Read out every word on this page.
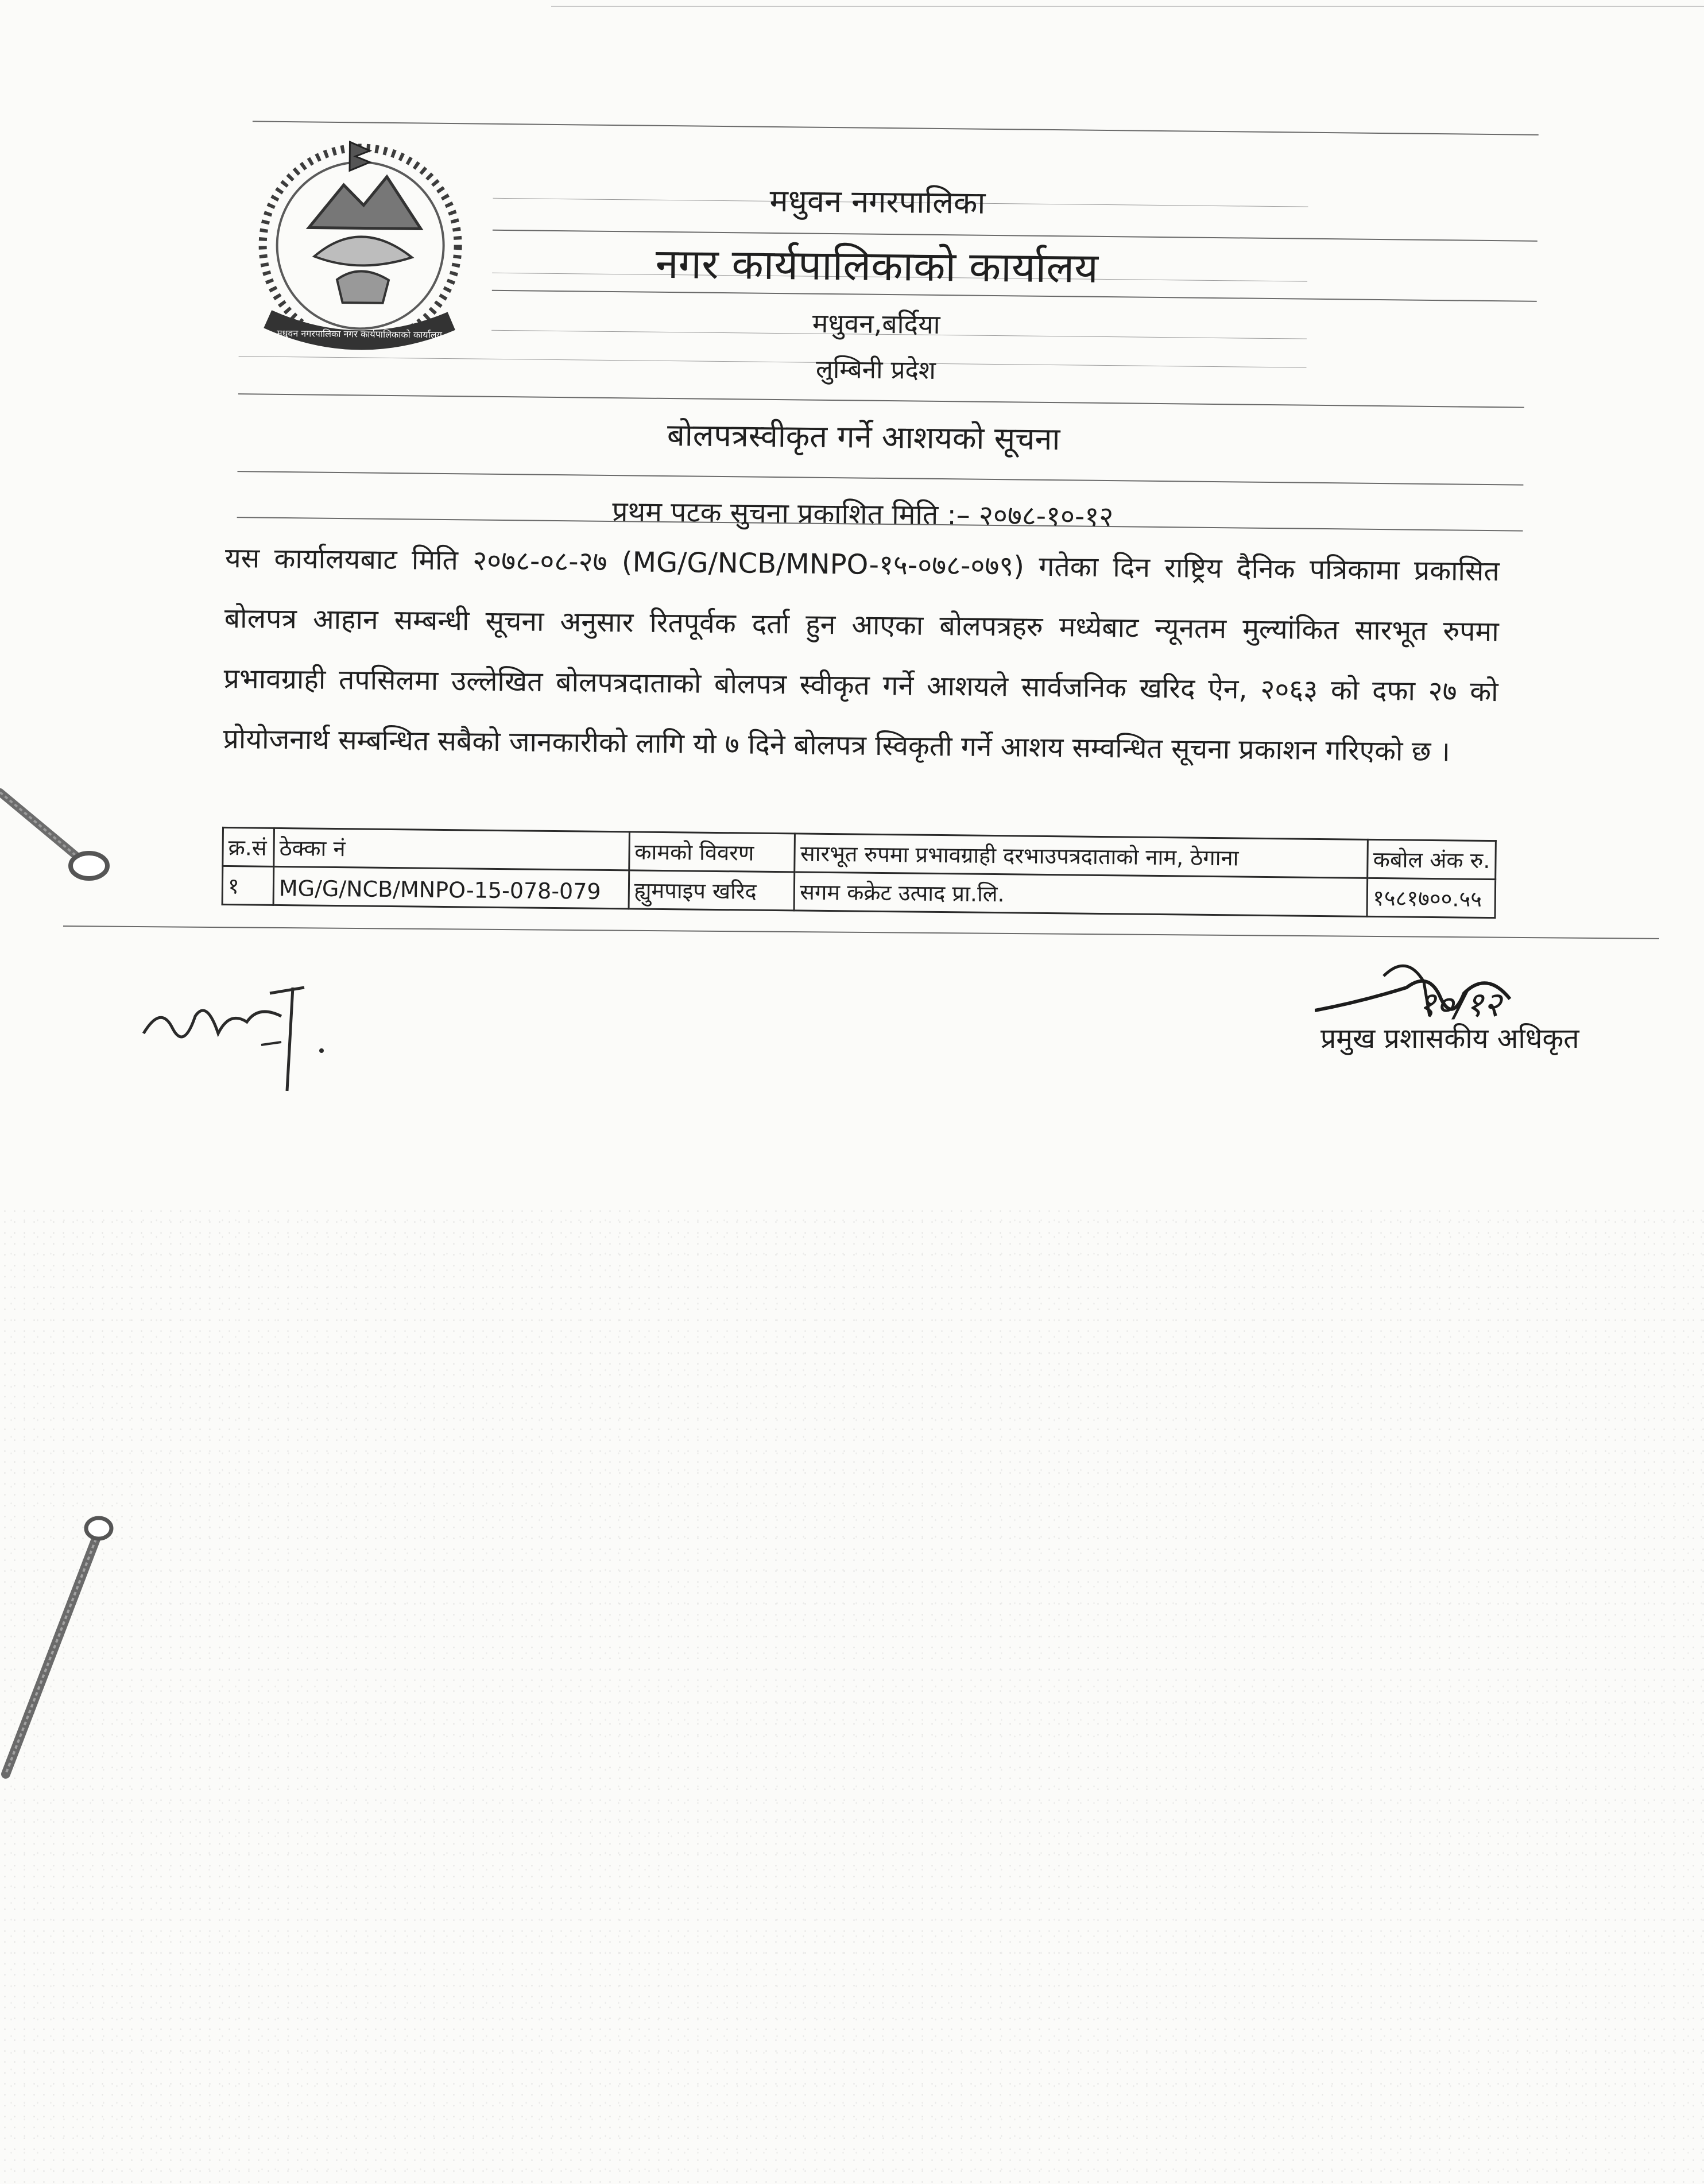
मधुवन नगरपालिका नगर कार्यपालिकाको कार्यालय
मधुवन नगरपालिका
नगर कार्यपालिकाको कार्यालय
मधुवन,बर्दिया
लुम्बिनी प्रदेश
बोलपत्रस्वीकृत गर्ने आशयको सूचना
प्रथम पटक सुचना प्रकाशित मिति :– २०७८-१०-१२
यस कार्यालयबाट मिति २०७८-०८-२७ (MG/G/NCB/MNPO-१५-०७८-०७९) गतेका दिन राष्ट्रिय दैनिक पत्रिकामा प्रकासित बोलपत्र आहान सम्बन्धी सूचना अनुसार रितपूर्वक दर्ता हुन आएका बोलपत्रहरु मध्येबाट न्यूनतम मुल्यांकित सारभूत रुपमा प्रभावग्राही तपसिलमा उल्लेखित बोलपत्रदाताको बोलपत्र स्वीकृत गर्ने आशयले सार्वजनिक खरिद ऐन, २०६३ को दफा २७ को प्रोयोजनार्थ सम्बन्धित सबैको जानकारीको लागि यो ७ दिने बोलपत्र स्विकृती गर्ने आशय सम्वन्धित सूचना प्रकाशन गरिएको छ ।
क्र.सं	ठेक्का नं	कामको विवरण	सारभूत रुपमा प्रभावग्राही दरभाउपत्रदाताको नाम, ठेगाना	कबोल अंक रु.
१	MG/G/NCB/MNPO-15-078-079	ह्युमपाइप खरिद	सगम कक्रेट उत्पाद प्रा.लि.	१५८१७००.५५
१०/१२
प्रमुख प्रशासकीय अधिकृत
